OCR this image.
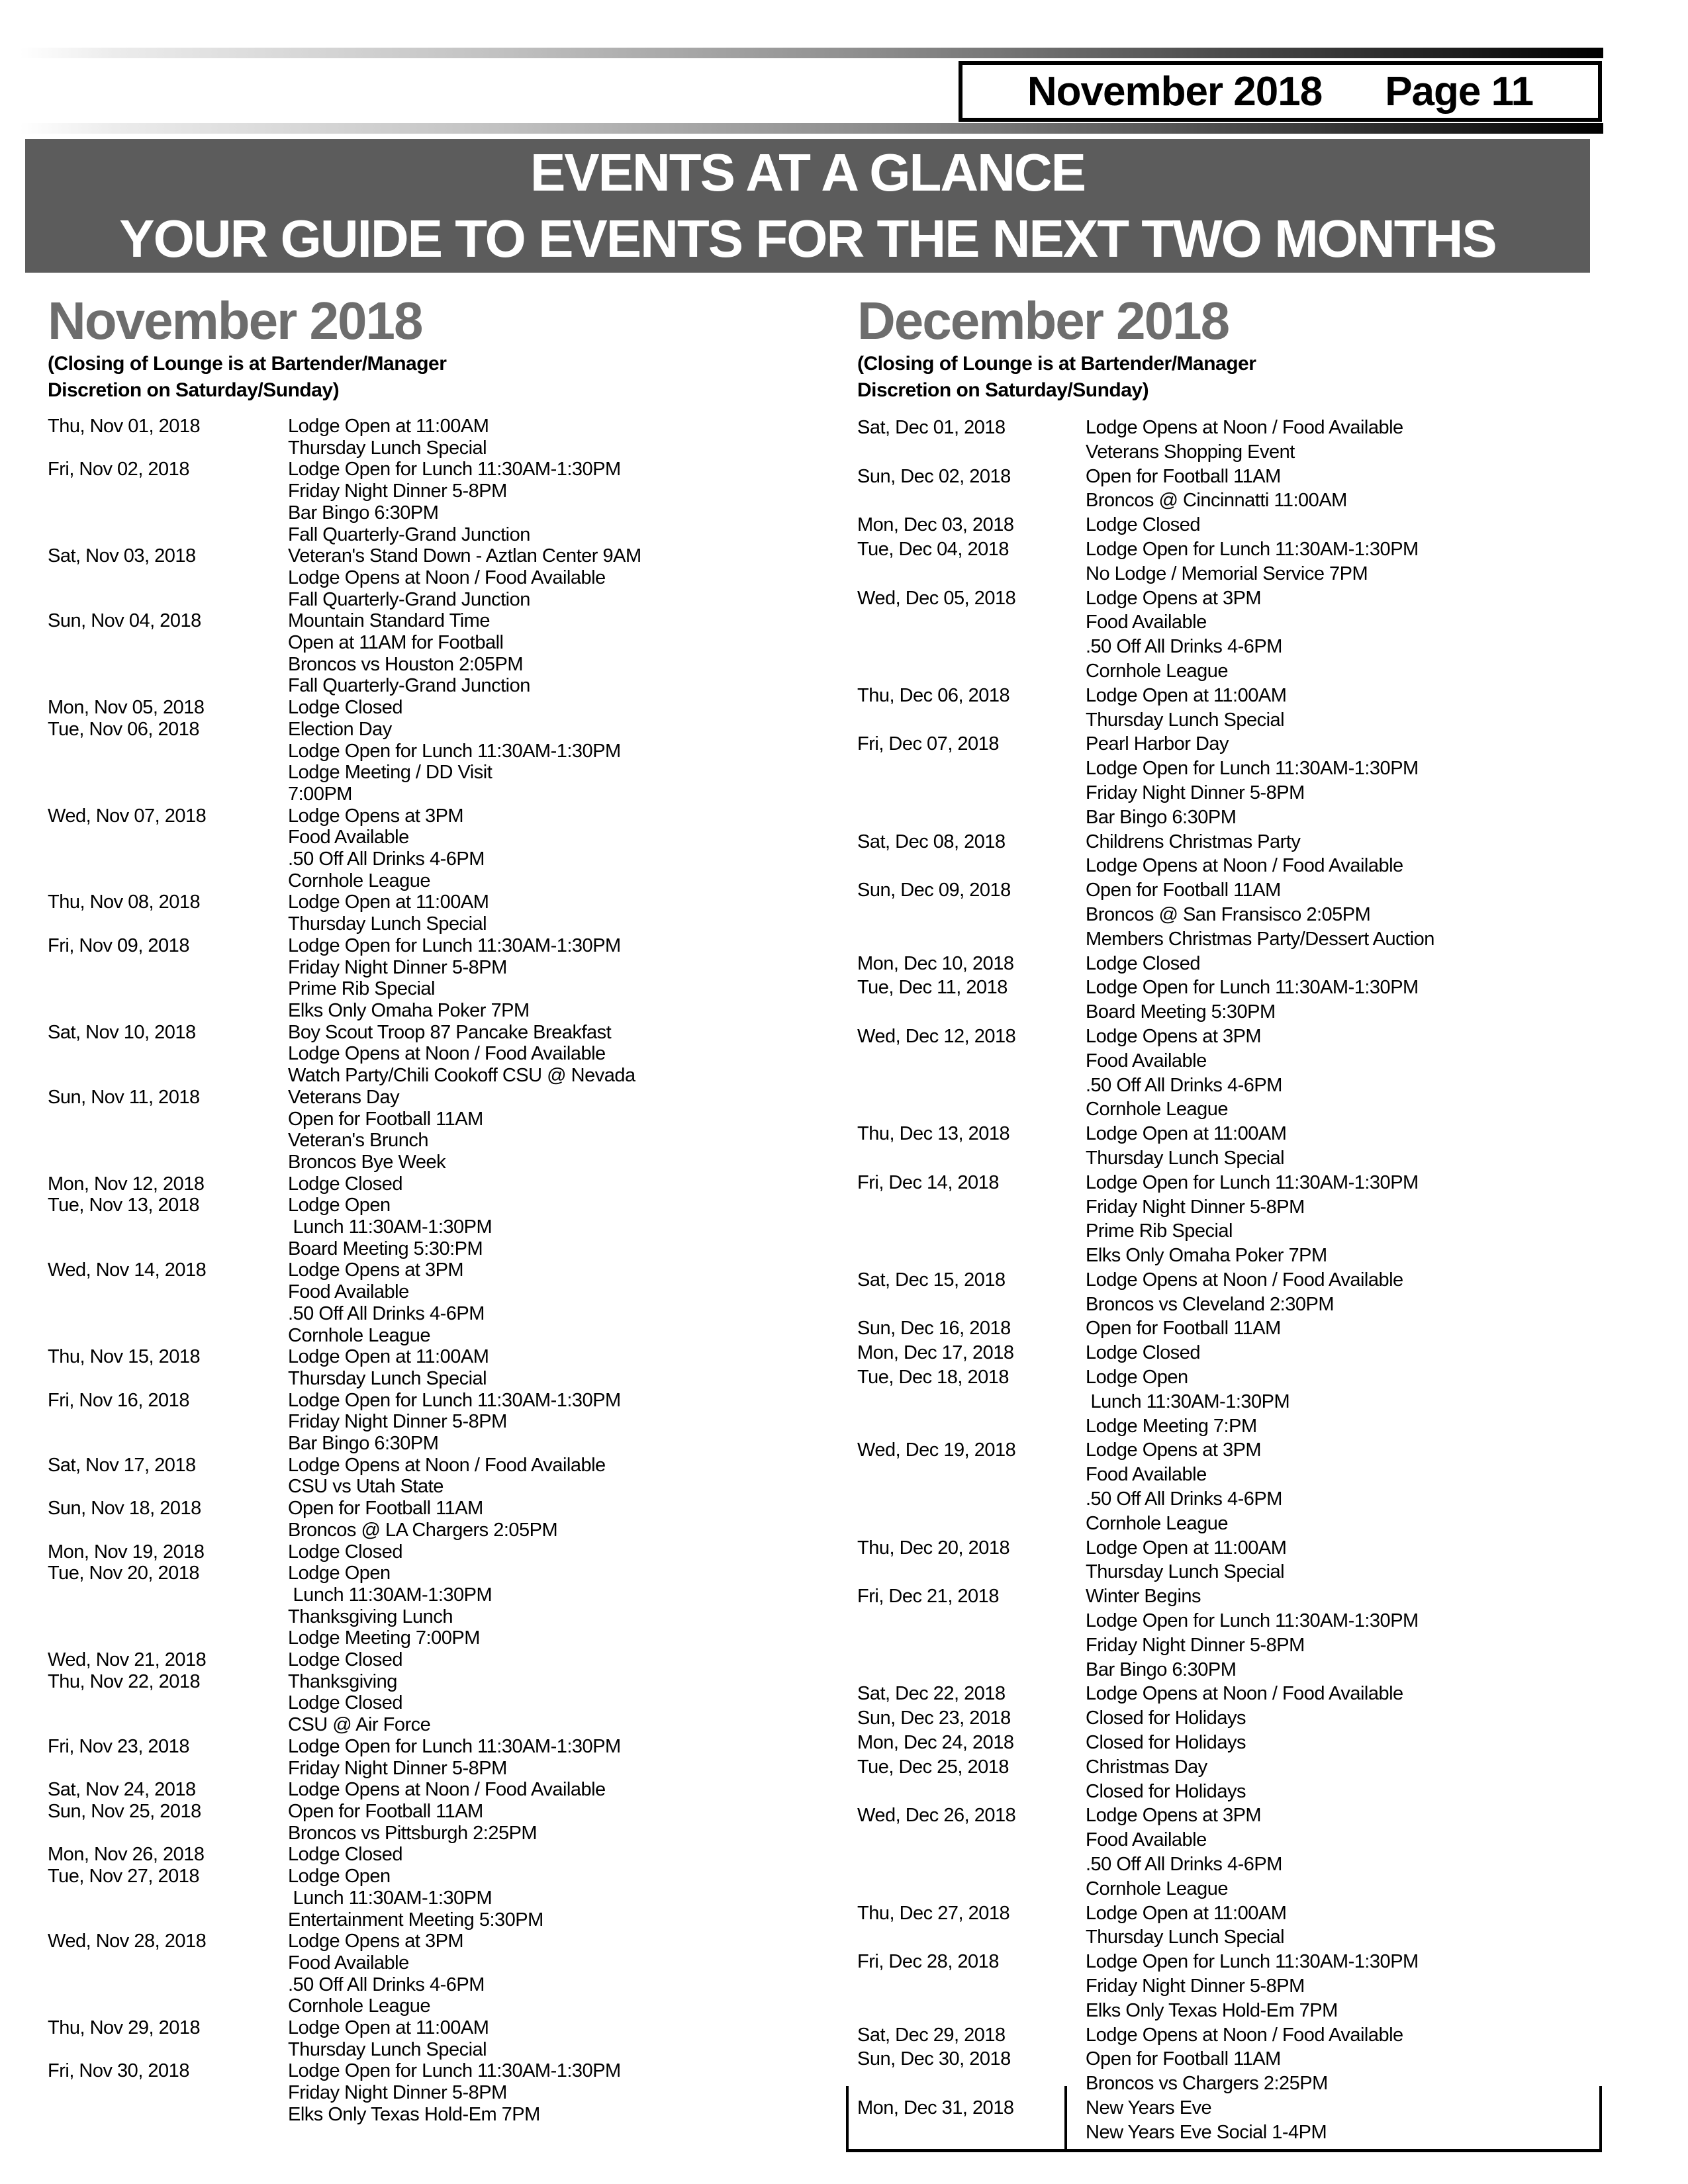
November 2018 Page 11
EVENTS AT A GLANCE
YOUR GUIDE TO EVENTS FOR THE NEXT TWO MONTHS
November 2018
(Closing of Lounge is at Bartender/Manager
Discretion on Saturday/Sunday)
Thu, Nov 01, 2018	Lodge Open at 11:00AM
Thursday Lunch Special
Fri, Nov 02, 2018	Lodge Open for Lunch 11:30AM-1:30PM
Friday Night Dinner 5-8PM
Bar Bingo 6:30PM
Fall Quarterly-Grand Junction
Sat, Nov 03, 2018	Veteran's Stand Down - Aztlan Center 9AM
Lodge Opens at Noon / Food Available
Fall Quarterly-Grand Junction
Sun, Nov 04, 2018	Mountain Standard Time
Open at 11AM for Football
Broncos vs Houston 2:05PM
Fall Quarterly-Grand Junction
Mon, Nov 05, 2018	Lodge Closed
Tue, Nov 06, 2018	Election Day
Lodge Open for Lunch 11:30AM-1:30PM
Lodge Meeting / DD Visit
7:00PM
Wed, Nov 07, 2018	Lodge Opens at 3PM
Food Available
.50 Off All Drinks 4-6PM
Cornhole League
Thu, Nov 08, 2018	Lodge Open at 11:00AM
Thursday Lunch Special
Fri, Nov 09, 2018	Lodge Open for Lunch 11:30AM-1:30PM
Friday Night Dinner 5-8PM
Prime Rib Special
Elks Only Omaha Poker 7PM
Sat, Nov 10, 2018	Boy Scout Troop 87 Pancake Breakfast
Lodge Opens at Noon / Food Available
Watch Party/Chili Cookoff CSU @ Nevada
Sun, Nov 11, 2018	Veterans Day
Open for Football 11AM
Veteran's Brunch
Broncos Bye Week
Mon, Nov 12, 2018	Lodge Closed
Tue, Nov 13, 2018	Lodge Open
Lunch 11:30AM-1:30PM
Board Meeting 5:30:PM
Wed, Nov 14, 2018	Lodge Opens at 3PM
Food Available
.50 Off All Drinks 4-6PM
Cornhole League
Thu, Nov 15, 2018	Lodge Open at 11:00AM
Thursday Lunch Special
Fri, Nov 16, 2018	Lodge Open for Lunch 11:30AM-1:30PM
Friday Night Dinner 5-8PM
Bar Bingo 6:30PM
Sat, Nov 17, 2018	Lodge Opens at Noon / Food Available
CSU vs Utah State
Sun, Nov 18, 2018	Open for Football 11AM
Broncos @ LA Chargers 2:05PM
Mon, Nov 19, 2018	Lodge Closed
Tue, Nov 20, 2018	Lodge Open
Lunch 11:30AM-1:30PM
Thanksgiving Lunch
Lodge Meeting 7:00PM
Wed, Nov 21, 2018	Lodge Closed
Thu, Nov 22, 2018	Thanksgiving
Lodge Closed
CSU @ Air Force
Fri, Nov 23, 2018	Lodge Open for Lunch 11:30AM-1:30PM
Friday Night Dinner 5-8PM
Sat, Nov 24, 2018	Lodge Opens at Noon / Food Available
Sun, Nov 25, 2018	Open for Football 11AM
Broncos vs Pittsburgh 2:25PM
Mon, Nov 26, 2018	Lodge Closed
Tue, Nov 27, 2018	Lodge Open
Lunch 11:30AM-1:30PM
Entertainment Meeting 5:30PM
Wed, Nov 28, 2018	Lodge Opens at 3PM
Food Available
.50 Off All Drinks 4-6PM
Cornhole League
Thu, Nov 29, 2018	Lodge Open at 11:00AM
Thursday Lunch Special
Fri, Nov 30, 2018	Lodge Open for Lunch 11:30AM-1:30PM
Friday Night Dinner 5-8PM
Elks Only Texas Hold-Em 7PM
December 2018
(Closing of Lounge is at Bartender/Manager
Discretion on Saturday/Sunday)
Sat, Dec 01, 2018	Lodge Opens at Noon / Food Available
Veterans Shopping Event
Sun, Dec 02, 2018	Open for Football 11AM
Broncos @ Cincinnatti 11:00AM
Mon, Dec 03, 2018	Lodge Closed
Tue, Dec 04, 2018	Lodge Open for Lunch 11:30AM-1:30PM
No Lodge / Memorial Service 7PM
Wed, Dec 05, 2018	Lodge Opens at 3PM
Food Available
.50 Off All Drinks 4-6PM
Cornhole League
Thu, Dec 06, 2018	Lodge Open at 11:00AM
Thursday Lunch Special
Fri, Dec 07, 2018	Pearl Harbor Day
Lodge Open for Lunch 11:30AM-1:30PM
Friday Night Dinner 5-8PM
Bar Bingo 6:30PM
Sat, Dec 08, 2018	Childrens Christmas Party
Lodge Opens at Noon / Food Available
Sun, Dec 09, 2018	Open for Football 11AM
Broncos @ San Fransisco 2:05PM
Members Christmas Party/Dessert Auction
Mon, Dec 10, 2018	Lodge Closed
Tue, Dec 11, 2018	Lodge Open for Lunch 11:30AM-1:30PM
Board Meeting 5:30PM
Wed, Dec 12, 2018	Lodge Opens at 3PM
Food Available
.50 Off All Drinks 4-6PM
Cornhole League
Thu, Dec 13, 2018	Lodge Open at 11:00AM
Thursday Lunch Special
Fri, Dec 14, 2018	Lodge Open for Lunch 11:30AM-1:30PM
Friday Night Dinner 5-8PM
Prime Rib Special
Elks Only Omaha Poker 7PM
Sat, Dec 15, 2018	Lodge Opens at Noon / Food Available
Broncos vs Cleveland 2:30PM
Sun, Dec 16, 2018	Open for Football 11AM
Mon, Dec 17, 2018	Lodge Closed
Tue, Dec 18, 2018	Lodge Open
Lunch 11:30AM-1:30PM
Lodge Meeting 7:PM
Wed, Dec 19, 2018	Lodge Opens at 3PM
Food Available
.50 Off All Drinks 4-6PM
Cornhole League
Thu, Dec 20, 2018	Lodge Open at 11:00AM
Thursday Lunch Special
Fri, Dec 21, 2018	Winter Begins
Lodge Open for Lunch 11:30AM-1:30PM
Friday Night Dinner 5-8PM
Bar Bingo 6:30PM
Sat, Dec 22, 2018	Lodge Opens at Noon / Food Available
Sun, Dec 23, 2018	Closed for Holidays
Mon, Dec 24, 2018	Closed for Holidays
Tue, Dec 25, 2018	Christmas Day
Closed for Holidays
Wed, Dec 26, 2018	Lodge Opens at 3PM
Food Available
.50 Off All Drinks 4-6PM
Cornhole League
Thu, Dec 27, 2018	Lodge Open at 11:00AM
Thursday Lunch Special
Fri, Dec 28, 2018	Lodge Open for Lunch 11:30AM-1:30PM
Friday Night Dinner 5-8PM
Elks Only Texas Hold-Em 7PM
Sat, Dec 29, 2018	Lodge Opens at Noon / Food Available
Sun, Dec 30, 2018	Open for Football 11AM
Broncos vs Chargers 2:25PM
Mon, Dec 31, 2018	New Years Eve
New Years Eve Social 1-4PM
